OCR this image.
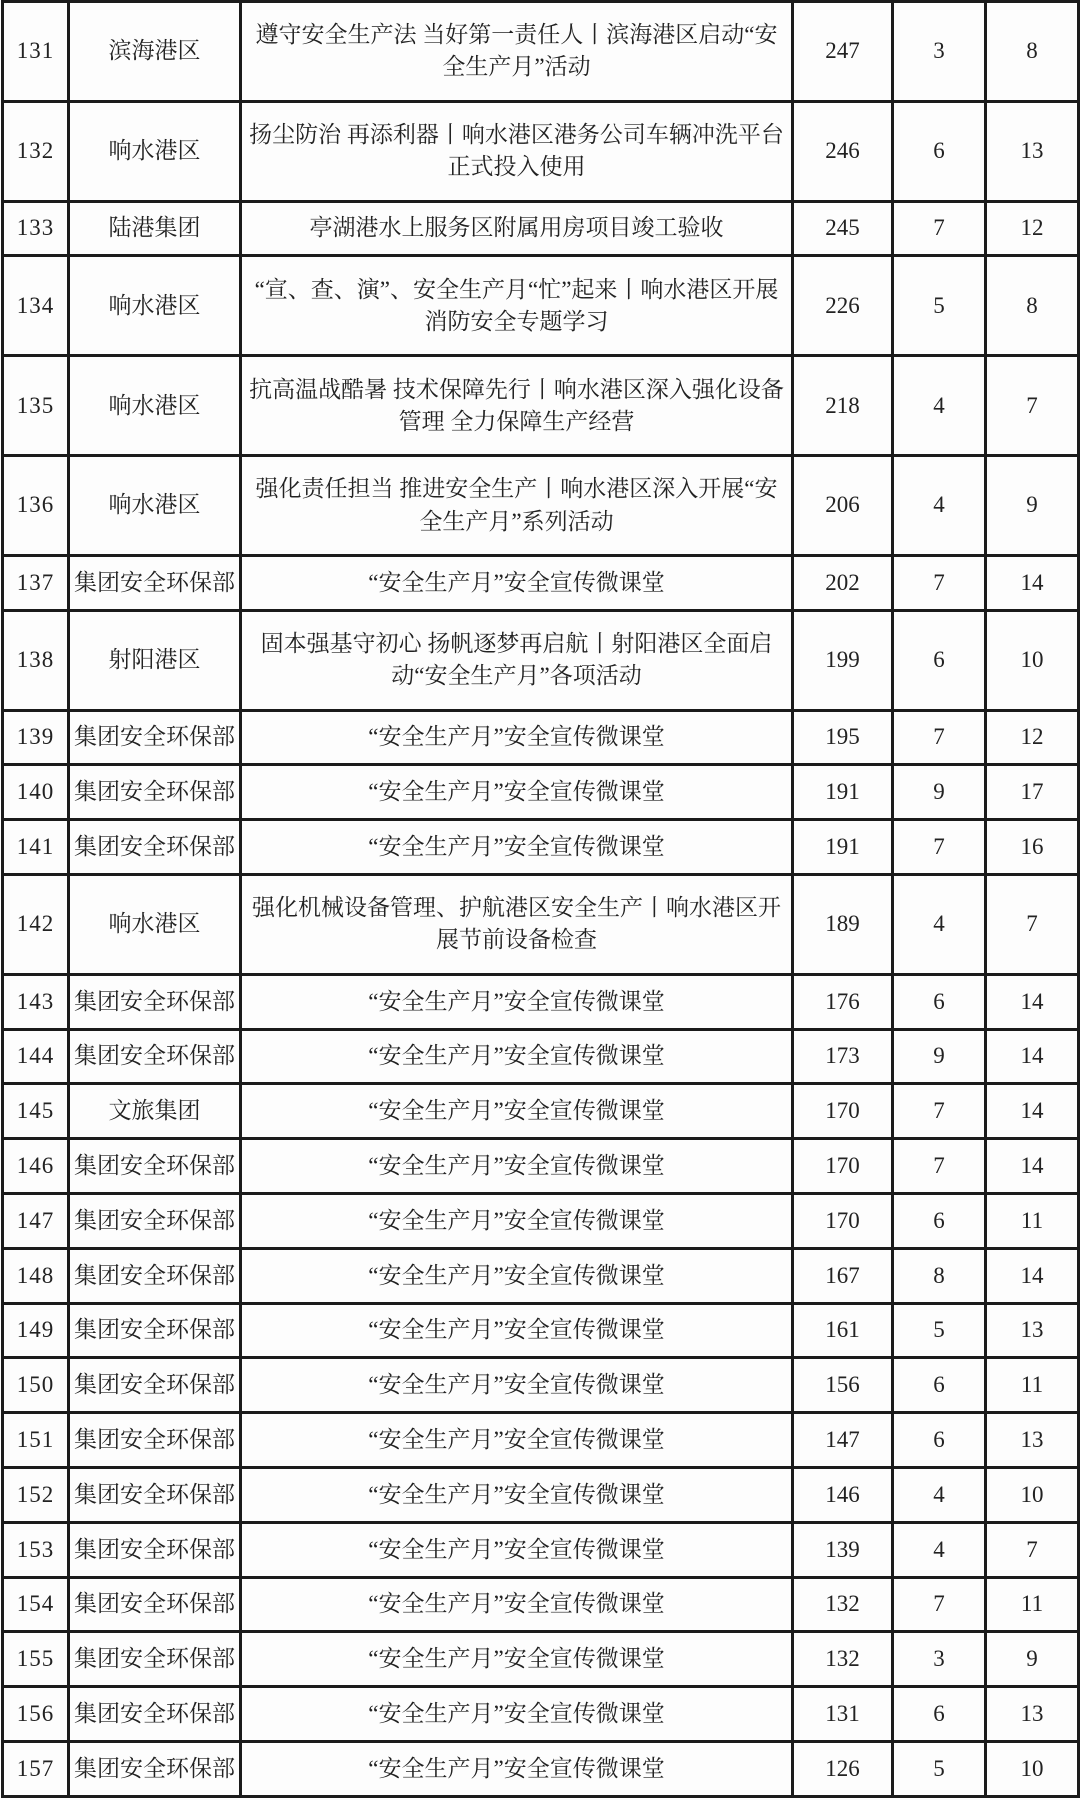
131	滨海港区	遵守安全生产法 当好第一责任人丨滨海港区启动“安全生产月”活动	247	3	8
132	响水港区	扬尘防治 再添利器丨响水港区港务公司车辆冲洗平台正式投入使用	246	6	13
133	陆港集团	亭湖港水上服务区附属用房项目竣工验收	245	7	12
134	响水港区	“宣、查、演”、安全生产月“忙”起来丨响水港区开展消防安全专题学习	226	5	8
135	响水港区	抗高温战酷暑 技术保障先行丨响水港区深入强化设备管理 全力保障生产经营	218	4	7
136	响水港区	强化责任担当 推进安全生产丨响水港区深入开展“安全生产月”系列活动	206	4	9
137	集团安全环保部	“安全生产月”安全宣传微课堂	202	7	14
138	射阳港区	固本强基守初心 扬帆逐梦再启航丨射阳港区全面启动“安全生产月”各项活动	199	6	10
139	集团安全环保部	“安全生产月”安全宣传微课堂	195	7	12
140	集团安全环保部	“安全生产月”安全宣传微课堂	191	9	17
141	集团安全环保部	“安全生产月”安全宣传微课堂	191	7	16
142	响水港区	强化机械设备管理、护航港区安全生产丨响水港区开展节前设备检查	189	4	7
143	集团安全环保部	“安全生产月”安全宣传微课堂	176	6	14
144	集团安全环保部	“安全生产月”安全宣传微课堂	173	9	14
145	文旅集团	“安全生产月”安全宣传微课堂	170	7	14
146	集团安全环保部	“安全生产月”安全宣传微课堂	170	7	14
147	集团安全环保部	“安全生产月”安全宣传微课堂	170	6	11
148	集团安全环保部	“安全生产月”安全宣传微课堂	167	8	14
149	集团安全环保部	“安全生产月”安全宣传微课堂	161	5	13
150	集团安全环保部	“安全生产月”安全宣传微课堂	156	6	11
151	集团安全环保部	“安全生产月”安全宣传微课堂	147	6	13
152	集团安全环保部	“安全生产月”安全宣传微课堂	146	4	10
153	集团安全环保部	“安全生产月”安全宣传微课堂	139	4	7
154	集团安全环保部	“安全生产月”安全宣传微课堂	132	7	11
155	集团安全环保部	“安全生产月”安全宣传微课堂	132	3	9
156	集团安全环保部	“安全生产月”安全宣传微课堂	131	6	13
157	集团安全环保部	“安全生产月”安全宣传微课堂	126	5	10
